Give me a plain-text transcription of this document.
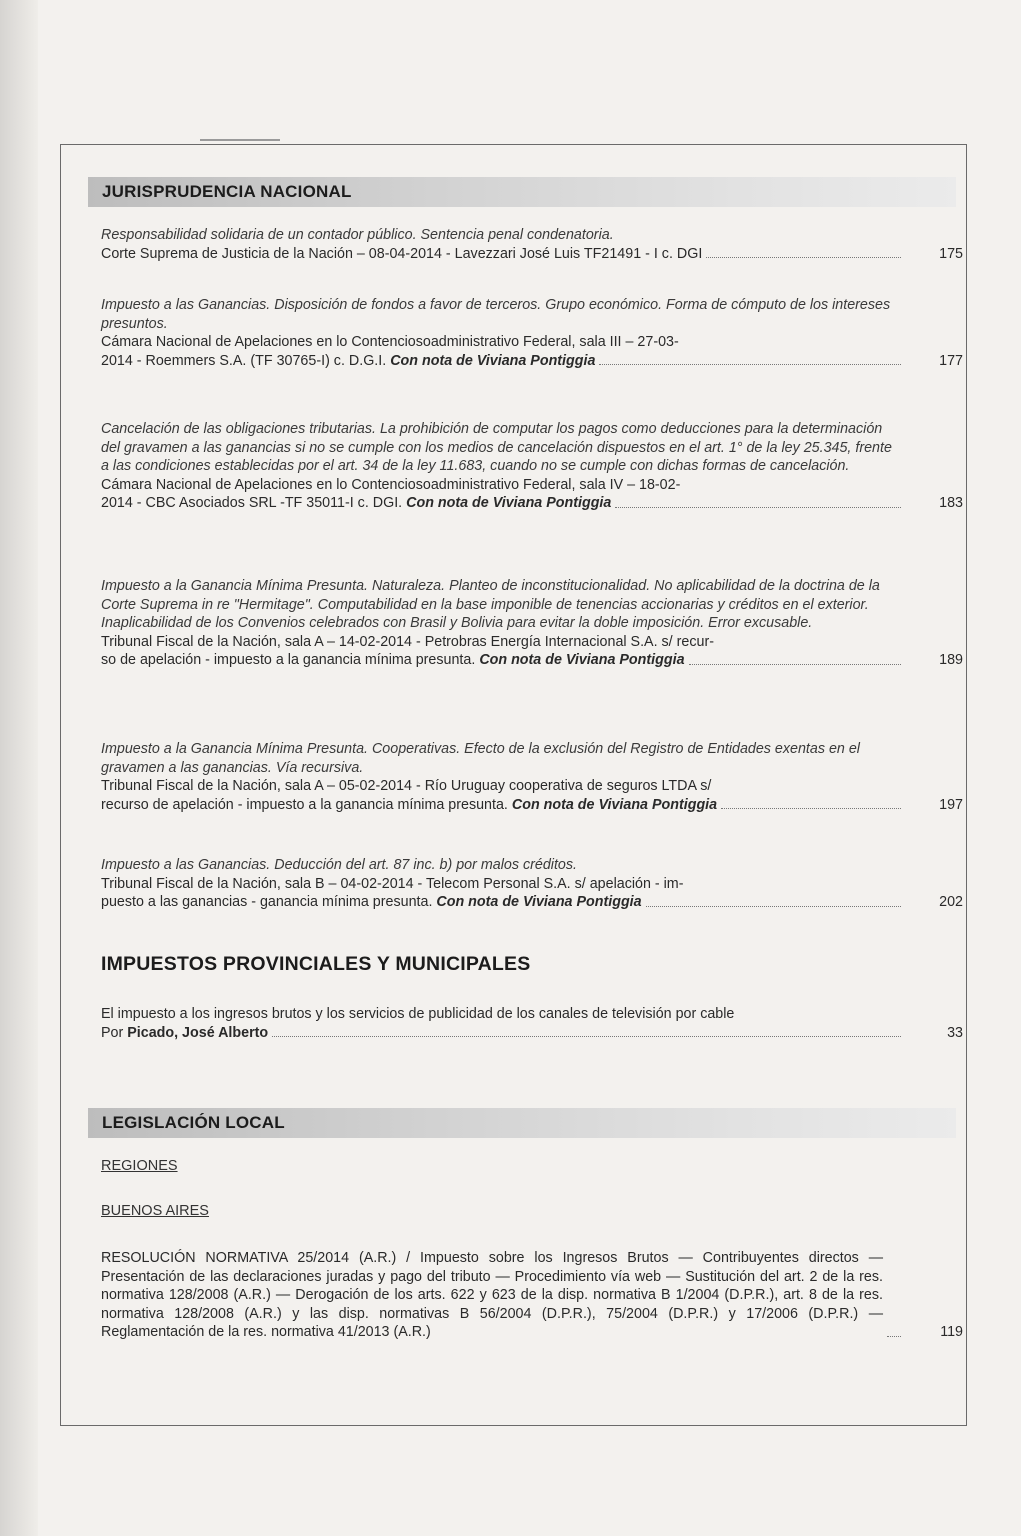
JURISPRUDENCIA NACIONAL
Responsabilidad solidaria de un contador público. Sentencia penal condenatoria.
Corte Suprema de Justicia de la Nación – 08-04-2014 - Lavezzari José Luis TF21491 - I c. DGI	175
Impuesto a las Ganancias. Disposición de fondos a favor de terceros. Grupo económico. Forma de cómputo de los intereses presuntos.
Cámara Nacional de Apelaciones en lo Contenciosoadministrativo Federal, sala III – 27-03-
2014 - Roemmers S.A. (TF 30765-I) c. D.G.I. Con nota de Viviana Pontiggia	177
Cancelación de las obligaciones tributarias. La prohibición de computar los pagos como deducciones para la determinación del gravamen a las ganancias si no se cumple con los medios de cancelación dispuestos en el art. 1° de la ley 25.345, frente a las condiciones establecidas por el art. 34 de la ley 11.683, cuando no se cumple con dichas formas de cancelación.
Cámara Nacional de Apelaciones en lo Contenciosoadministrativo Federal, sala IV – 18-02-
2014 - CBC Asociados SRL -TF 35011-I c. DGI. Con nota de Viviana Pontiggia	183
Impuesto a la Ganancia Mínima Presunta. Naturaleza. Planteo de inconstitucionalidad. No aplicabilidad de la doctrina de la Corte Suprema in re "Hermitage". Computabilidad en la base imponible de tenencias accionarias y créditos en el exterior. Inaplicabilidad de los Convenios celebrados con Brasil y Bolivia para evitar la doble imposición. Error excusable.
Tribunal Fiscal de la Nación, sala A – 14-02-2014 - Petrobras Energía Internacional S.A. s/ recur-
so de apelación - impuesto a la ganancia mínima presunta. Con nota de Viviana Pontiggia	189
Impuesto a la Ganancia Mínima Presunta. Cooperativas. Efecto de la exclusión del Registro de Entidades exentas en el gravamen a las ganancias. Vía recursiva.
Tribunal Fiscal de la Nación, sala A – 05-02-2014 - Río Uruguay cooperativa de seguros LTDA s/
recurso de apelación - impuesto a la ganancia mínima presunta. Con nota de Viviana Pontiggia	197
Impuesto a las Ganancias. Deducción del art. 87 inc. b) por malos créditos.
Tribunal Fiscal de la Nación, sala B – 04-02-2014 - Telecom Personal S.A. s/ apelación - im-
puesto a las ganancias - ganancia mínima presunta. Con nota de Viviana Pontiggia	202
IMPUESTOS PROVINCIALES Y MUNICIPALES
El impuesto a los ingresos brutos y los servicios de publicidad de los canales de televisión por cable
Por Picado, José Alberto	33
LEGISLACIÓN LOCAL
REGIONES
BUENOS AIRES
RESOLUCIÓN NORMATIVA 25/2014 (A.R.) / Impuesto sobre los Ingresos Brutos — Contribuyentes directos — Presentación de las declaraciones juradas y pago del tributo — Procedimiento vía web — Sustitución del art. 2 de la res. normativa 128/2008 (A.R.) — Derogación de los arts. 622 y 623 de la disp. normativa B 1/2004 (D.P.R.), art. 8 de la res. normativa 128/2008 (A.R.) y las disp. normativas B 56/2004 (D.P.R.), 75/2004 (D.P.R.) y 17/2006 (D.P.R.) — Reglamentación de la res. normativa 41/2013 (A.R.)	119
